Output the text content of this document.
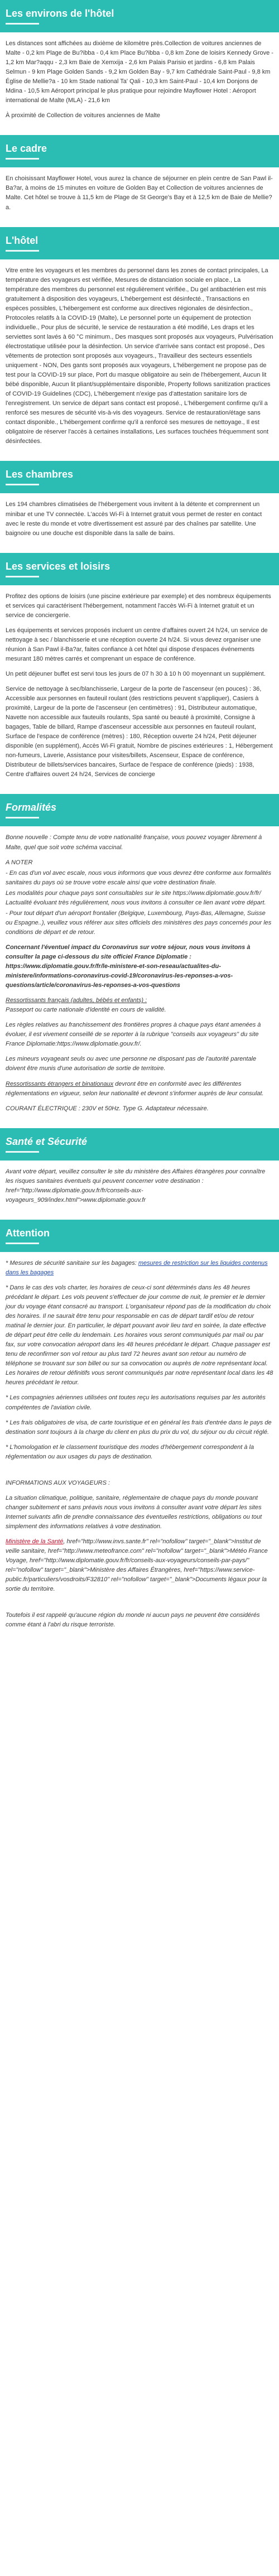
Les environs de l'hôtel

Les distances sont affichées au dixième de kilomètre près.Collection de voitures anciennes de Malte - 0,2 km Plage de Bu?ibba - 0,4 km Place Bu?ibba - 0,8 km Zone de loisirs Kennedy Grove - 1,2 km Mar?aqqu - 2,3 km Baie de Xemxija - 2,6 km Palais Parisio et jardins - 6,8 km Palais Selmun - 9 km Plage Golden Sands - 9,2 km Golden Bay - 9,7 km Cathédrale Saint-Paul - 9,8 km Église de Mellie?a - 10 km Stade national Ta' Qali - 10,3 km Saint-Paul - 10,4 km Donjons de Mdina - 10,5 km Aéroport principal le plus pratique pour rejoindre Mayflower Hotel : Aéroport international de Malte (MLA) - 21,6 km

À proximité de Collection de voitures anciennes de Malte

Le cadre

En choisissant Mayflower Hotel, vous aurez la chance de séjourner en plein centre de San Pawl il-Ba?ar, à moins de 15 minutes en voiture de Golden Bay et Collection de voitures anciennes de Malte. Cet hôtel se trouve à 11,5 km de Plage de St George's Bay et à 12,5 km de Baie de Mellie?a.

L'hôtel

Vitre entre les voyageurs et les membres du personnel dans les zones de contact principales, La température des voyageurs est vérifiée, Mesures de distanciation sociale en place., La température des membres du personnel est régulièrement vérifiée., Du gel antibactérien est mis gratuitement à disposition des voyageurs, L'hébergement est désinfecté., Transactions en espèces possibles, L'hébergement est conforme aux directives régionales de désinfection., Protocoles relatifs à la COVID-19 (Malte), Le personnel porte un équipement de protection individuelle., Pour plus de sécurité, le service de restauration a été modifié, Les draps et les serviettes sont lavés à 60 °C minimum., Des masques sont proposés aux voyageurs, Pulvérisation électrostatique utilisée pour la désinfection. Un service d'arrivée sans contact est proposé., Des vêtements de protection sont proposés aux voyageurs., Travailleur des secteurs essentiels uniquement - NON, Des gants sont proposés aux voyageurs, L'hébergement ne propose pas de test pour la COVID-19 sur place, Port du masque obligatoire au sein de l'hébergement, Aucun lit bébé disponible, Aucun lit pliant/supplémentaire disponible, Property follows sanitization practices of COVID-19 Guidelines (CDC), L'hébergement n'exige pas d'attestation sanitaire lors de l'enregistrement. Un service de départ sans contact est proposé., L'hébergement confirme qu'il a renforcé ses mesures de sécurité vis-à-vis des voyageurs. Service de restauration/étage sans contact disponible., L'hébergement confirme qu'il a renforcé ses mesures de nettoyage., Il est obligatoire de réserver l'accès à certaines installations, Les surfaces touchées fréquemment sont désinfectées.

Les chambres

Les 194 chambres climatisées de l'hébergement vous invitent à la détente et comprennent un minibar et une TV connectée. L'accès Wi-Fi à Internet gratuit vous permet de rester en contact avec le reste du monde et votre divertissement est assuré par des chaînes par satellite. Une baignoire ou une douche est disponible dans la salle de bains.

Les services et loisirs

Profitez des options de loisirs (une piscine extérieure par exemple) et des nombreux équipements et services qui caractérisent l'hébergement, notamment l'accès Wi-Fi à Internet gratuit et un service de conciergerie.

Les équipements et services proposés incluent un centre d'affaires ouvert 24 h/24, un service de nettoyage à sec / blanchisserie et une réception ouverte 24 h/24. Si vous devez organiser une réunion à San Pawl il-Ba?ar, faites confiance à cet hôtel qui dispose d'espaces événements mesurant 180 mètres carrés et comprenant un espace de conférence.

Un petit déjeuner buffet est servi tous les jours de 07 h 30 à 10 h 00 moyennant un supplément.

Service de nettoyage à sec/blanchisserie, Largeur de la porte de l'ascenseur (en pouces) : 36, Accessible aux personnes en fauteuil roulant (des restrictions peuvent s'appliquer), Casiers à proximité, Largeur de la porte de l'ascenseur (en centimètres) : 91, Distributeur automatique, Navette non accessible aux fauteuils roulants, Spa santé ou beauté à proximité, Consigne à bagages, Table de billard, Rampe d'ascenseur accessible aux personnes en fauteuil roulant, Surface de l'espace de conférence (mètres) : 180, Réception ouverte 24 h/24, Petit déjeuner disponible (en supplément), Accès Wi-Fi gratuit, Nombre de piscines extérieures : 1, Hébergement non-fumeurs, Laverie, Assistance pour visites/billets, Ascenseur, Espace de conférence, Distributeur de billets/services bancaires, Surface de l'espace de conférence (pieds) : 1938, Centre d'affaires ouvert 24 h/24, Services de concierge

Formalités

Bonne nouvelle : Compte tenu de votre nationalité française, vous pouvez voyager librement à Malte, quel que soit votre schéma vaccinal.

A NOTER

- En cas d'un vol avec escale, nous vous informons que vous devrez être conforme aux formalités sanitaires du pays où se trouve votre escale ainsi que votre destination finale.

Les modalités pour chaque pays sont consultables sur le site https://www.diplomatie.gouv.fr/fr/ Lactualité évoluant très régulièrement, nous vous invitons à consulter ce lien avant votre départ.

- Pour tout départ d'un aéroport frontalier (Belgique, Luxembourg, Pays-Bas, Allemagne, Suisse ou Espagne..), veuillez vous référer aux sites officiels des ministères des pays concernés pour les conditions de départ et de retour.

Concernant l'éventuel impact du Coronavirus sur votre séjour, nous vous invitons à consulter la page ci-dessous du site officiel France Diplomatie : https://www.diplomatie.gouv.fr/fr/le-ministere-et-son-reseau/actualites-du-ministere/informations-coronavirus-covid-19/coronavirus-les-reponses-a-vos-questions/article/coronavirus-les-reponses-a-vos-questions

Ressortissants français (adultes, bébés et enfants) :

Passeport ou carte nationale d'identité en cours de validité.

Les règles relatives au franchissement des frontières propres à chaque pays étant amenées à évoluer, il est vivement conseillé de se reporter à la rubrique "conseils aux voyageurs" du site France Diplomatie:https://www.diplomatie.gouv.fr/.

Les mineurs voyageant seuls ou avec une personne ne disposant pas de l'autorité parentale doivent être munis d'une autorisation de sortie de territoire.

Ressortissants étrangers et binationaux devront être en conformité avec les différentes réglementations en vigueur, selon leur nationalité et devront s'informer auprès de leur consulat.

COURANT ÉLECTRIQUE : 230V et 50Hz. Type G. Adaptateur nécessaire.

Santé et Sécurité

Avant votre départ, veuillez consulter le site du ministère des Affaires étrangères pour connaître les risques sanitaires éventuels qui peuvent concerner votre destination : href="http://www.diplomatie.gouv.fr/fr/conseils-aux-voyageurs_909/index.html">www.diplomatie.gouv.fr

Attention

* Mesures de sécurité sanitaire sur les bagages: mesures de restriction sur les liquides contenus dans les bagages

* Dans le cas des vols charter, les horaires de ceux-ci sont déterminés dans les 48 heures précédant le départ. Les vols peuvent s'effectuer de jour comme de nuit, le premier et le dernier jour du voyage étant consacré au transport. L'organisateur répond pas de la modification du choix des horaires. Il ne saurait être tenu pour responsable en cas de départ tardif et/ou de retour matinal le dernier jour. En particulier, le départ pouvant avoir lieu tard en soirée, la date effective de départ peut être celle du lendemain. Les horaires vous seront communiqués par mail ou par fax, sur votre convocation aéroport dans les 48 heures précédant le départ. Chaque passager est tenu de reconfirmer son vol retour au plus tard 72 heures avant son retour au numéro de téléphone se trouvant sur son billet ou sur sa convocation ou auprès de notre représentant local. Les horaires de retour définitifs vous seront communiqués par notre représentant local dans les 48 heures précédant le retour.

* Les compagnies aériennes utilisées ont toutes reçu les autorisations requises par les autorités compétentes de l'aviation civile.

* Les frais obligatoires de visa, de carte touristique et en général les frais d'entrée dans le pays de destination sont toujours à la charge du client en plus du prix du vol, du séjour ou du circuit réglé.

* L'homologation et le classement touristique des modes d'hébergement correspondent à la réglementation ou aux usages du pays de destination.

INFORMATIONS AUX VOYAGEURS :

La situation climatique, politique, sanitaire, réglementaire de chaque pays du monde pouvant changer subitement et sans préavis nous vous invitons à consulter avant votre départ les sites Internet suivants afin de prendre connaissance des éventuelles restrictions, obligations ou tout simplement des informations relatives à votre destination.

Ministère de la Santé, href="http://www.invs.sante.fr" rel="nofollow" target="_blank">Institut de veille sanitaire, href="http://www.meteofrance.com" rel="nofollow" target="_blank">Météo France Voyage, href="http://www.diplomatie.gouv.fr/fr/conseils-aux-voyageurs/conseils-par-pays/" rel="nofollow" target="_blank">Ministère des Affaires Étrangères, href="https://www.service-public.fr/particuliers/vosdroits/F32810" rel="nofollow" target="_blank">Documents légaux pour la sortie du territoire.

Toutefois il est rappelé qu'aucune région du monde ni aucun pays ne peuvent être considérés comme étant à l'abri du risque terroriste.
